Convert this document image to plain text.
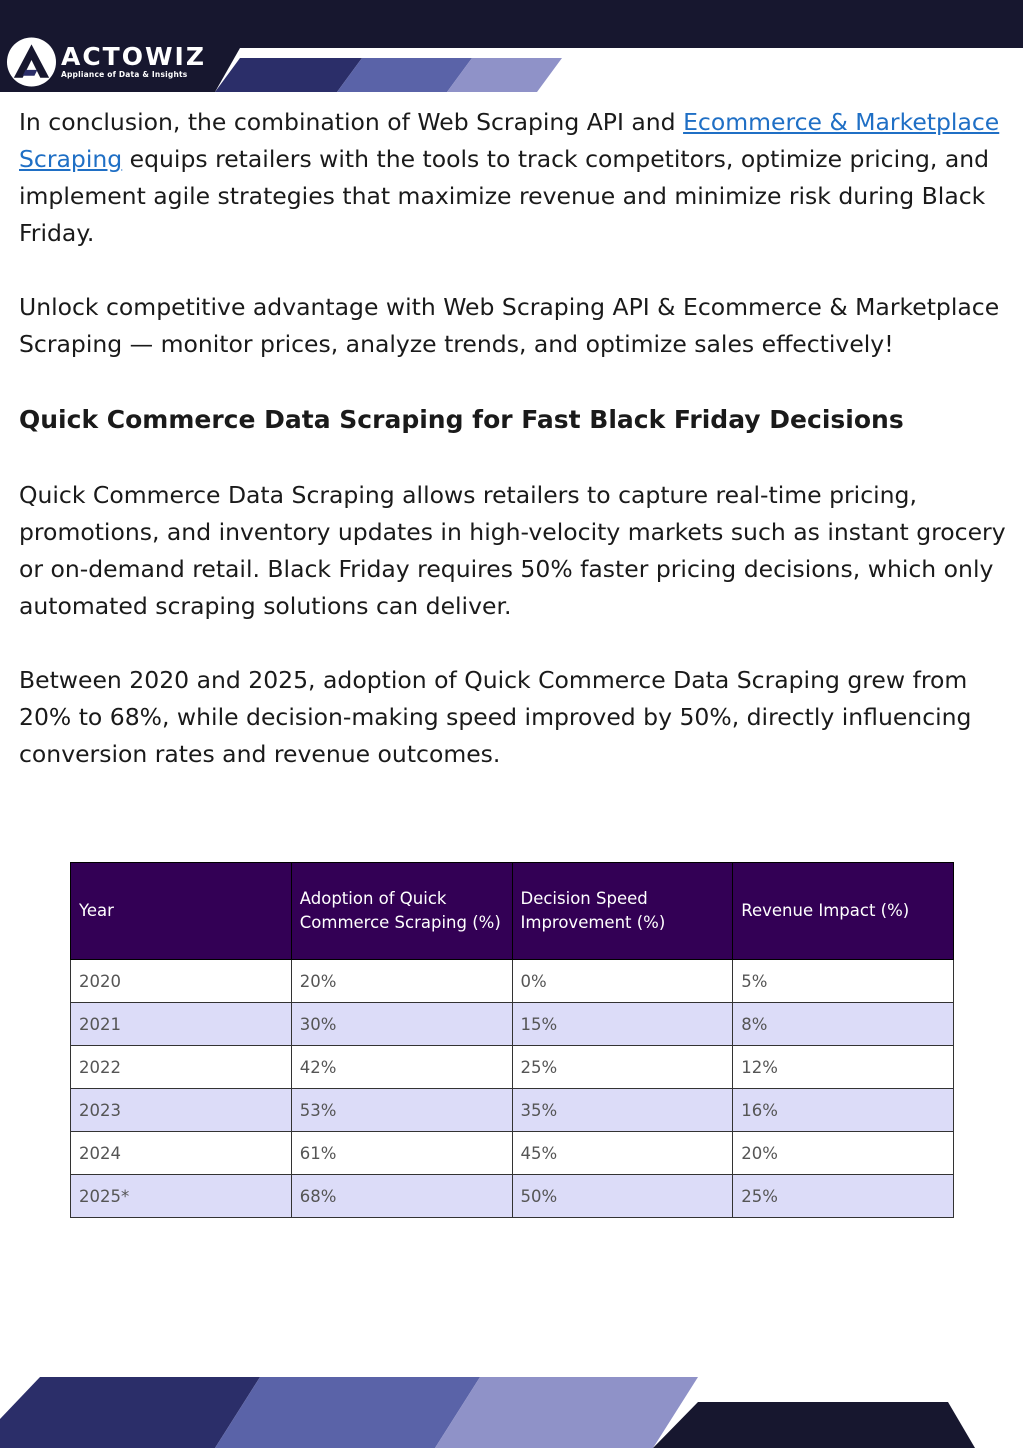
ACTOWIZ
Appliance of Data & Insights

In conclusion, the combination of Web Scraping API and Ecommerce & Marketplace Scraping equips retailers with the tools to track competitors, optimize pricing, and implement agile strategies that maximize revenue and minimize risk during Black Friday.

Unlock competitive advantage with Web Scraping API & Ecommerce & Marketplace Scraping — monitor prices, analyze trends, and optimize sales effectively!

Quick Commerce Data Scraping for Fast Black Friday Decisions

Quick Commerce Data Scraping allows retailers to capture real-time pricing, promotions, and inventory updates in high-velocity markets such as instant grocery or on-demand retail. Black Friday requires 50% faster pricing decisions, which only automated scraping solutions can deliver.

Between 2020 and 2025, adoption of Quick Commerce Data Scraping grew from 20% to 68%, while decision-making speed improved by 50%, directly influencing conversion rates and revenue outcomes.

Year	Adoption of Quick Commerce Scraping (%)	Decision Speed Improvement (%)	Revenue Impact (%)
2020	20%	0%	5%
2021	30%	15%	8%
2022	42%	25%	12%
2023	53%	35%	16%
2024	61%	45%	20%
2025*	68%	50%	25%
